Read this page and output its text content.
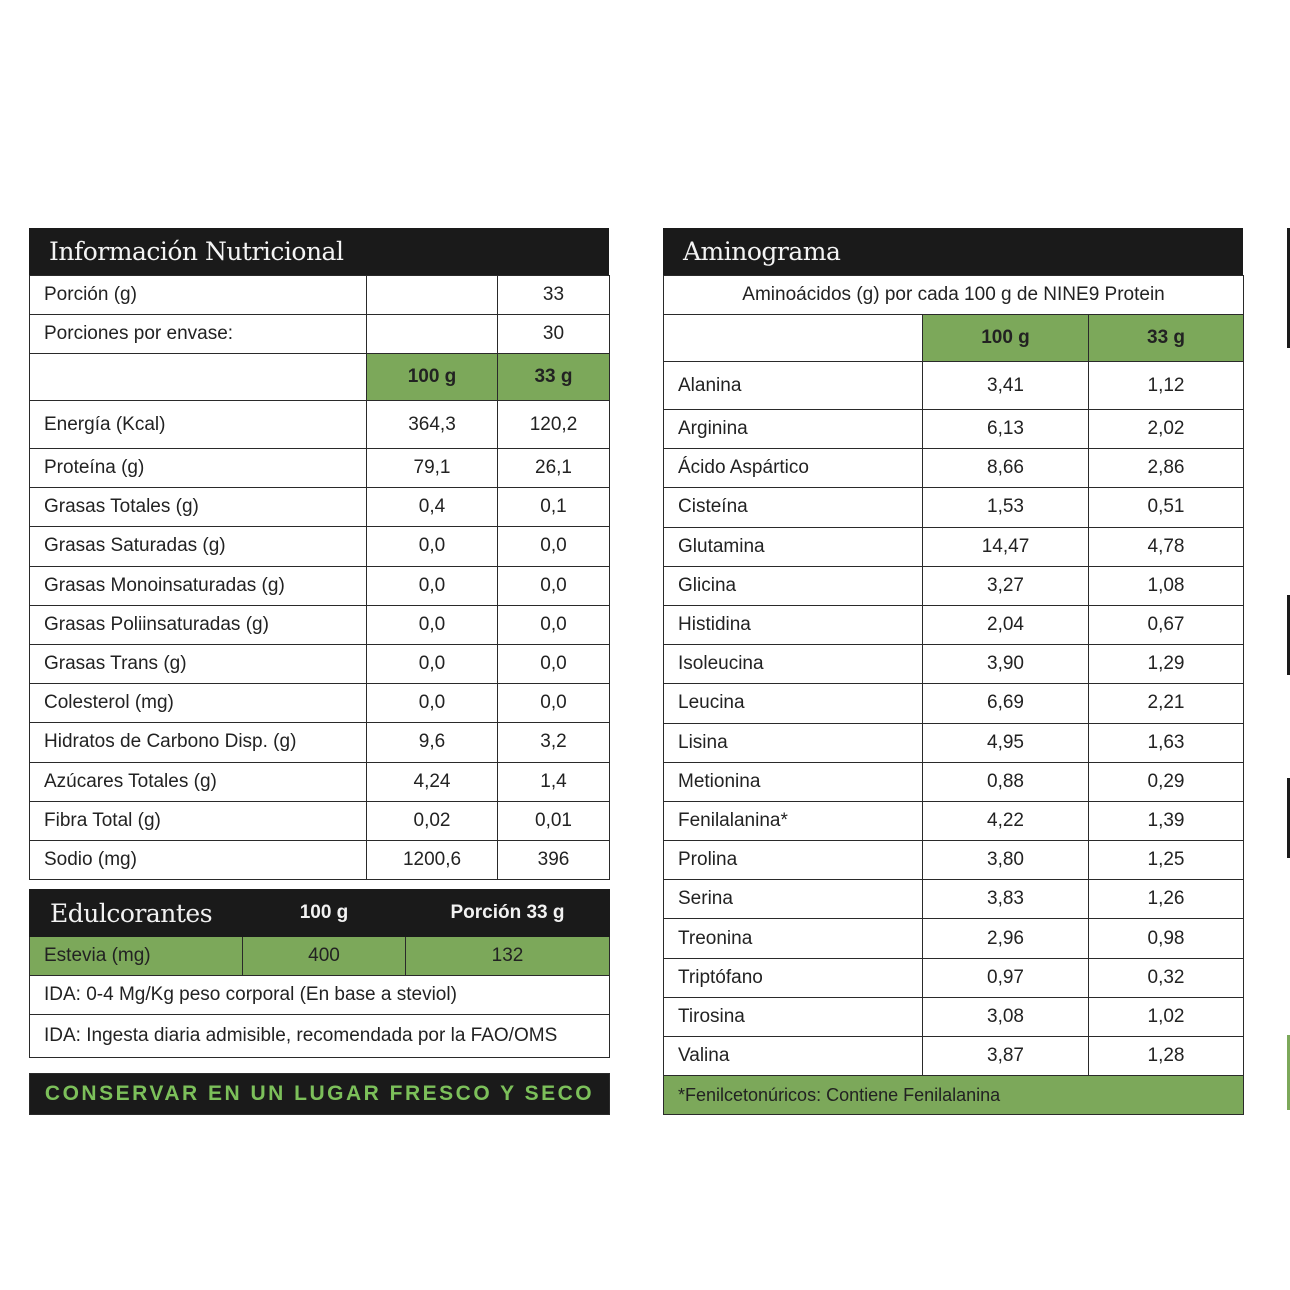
Información Nutricional
Porción (g)		33
Porciones por envase:		30
	100 g	33 g
Energía (Kcal)	364,3	120,2
Proteína (g)	79,1	26,1
Grasas Totales (g)	0,4	0,1
Grasas Saturadas (g)	0,0	0,0
Grasas Monoinsaturadas (g)	0,0	0,0
Grasas Poliinsaturadas (g)	0,0	0,0
Grasas Trans (g)	0,0	0,0
Colesterol (mg)	0,0	0,0
Hidratos de Carbono Disp. (g)	9,6	3,2
Azúcares Totales (g)	4,24	1,4
Fibra Total (g)	0,02	0,01
Sodio (mg)	1200,6	396
Edulcorantes	100 g	Porción 33 g
Estevia (mg)	400	132
IDA: 0-4 Mg/Kg peso corporal (En base a steviol)		
IDA: Ingesta diaria admisible, recomendada por la FAO/OMS		
CONSERVAR EN UN LUGAR FRESCO Y SECO
Aminograma
Aminoácidos (g) por cada 100 g de NINE9 Protein		
	100 g	33 g
Alanina	3,41	1,12
Arginina	6,13	2,02
Ácido Aspártico	8,66	2,86
Cisteína	1,53	0,51
Glutamina	14,47	4,78
Glicina	3,27	1,08
Histidina	2,04	0,67
Isoleucina	3,90	1,29
Leucina	6,69	2,21
Lisina	4,95	1,63
Metionina	0,88	0,29
Fenilalanina*	4,22	1,39
Prolina	3,80	1,25
Serina	3,83	1,26
Treonina	2,96	0,98
Triptófano	0,97	0,32
Tirosina	3,08	1,02
Valina	3,87	1,28
*Fenilcetonúricos: Contiene Fenilalanina		
